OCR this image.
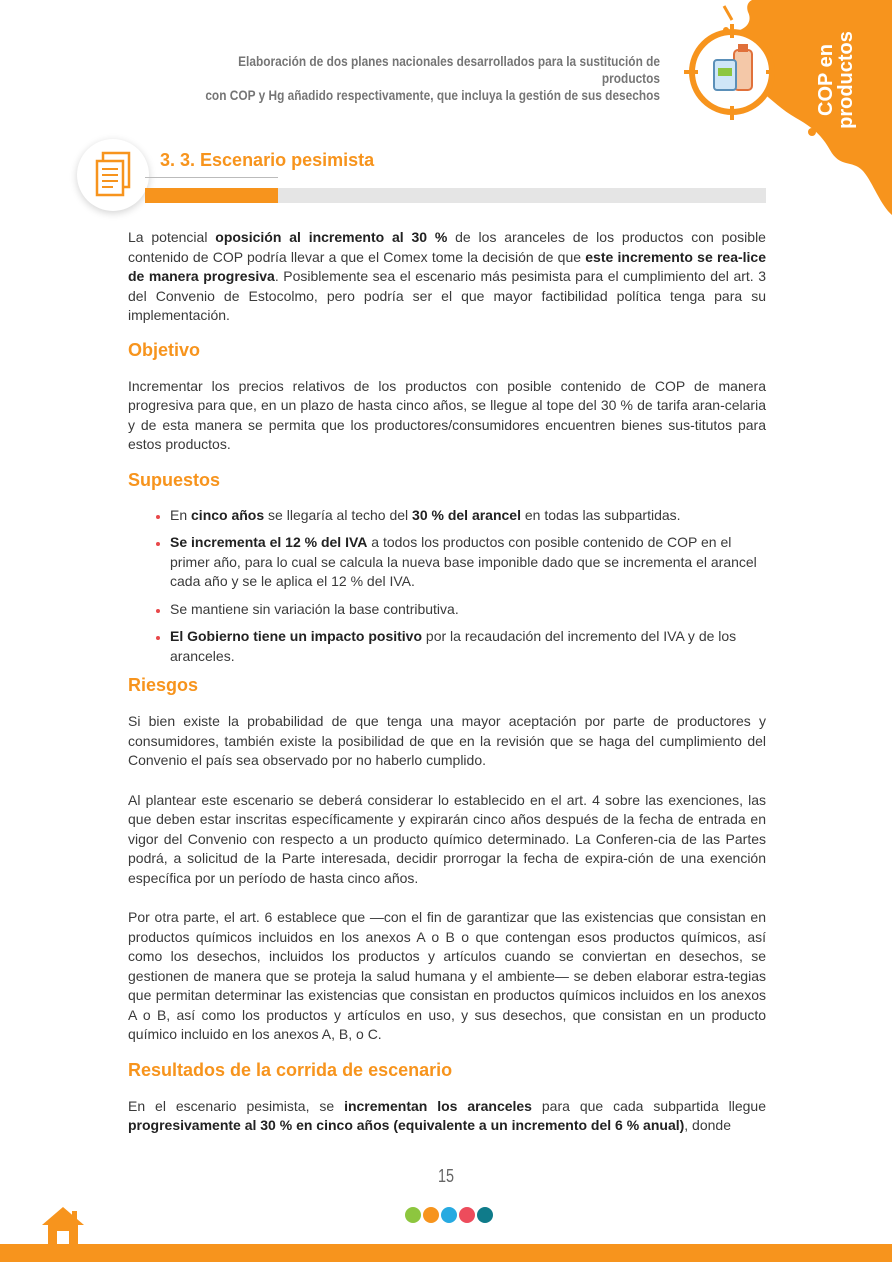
COP en
productos
Elaboración de dos planes nacionales desarrollados para la sustitución de productos
con COP y Hg añadido respectivamente, que incluya la gestión de sus desechos
3. 3. Escenario pesimista

La potencial oposición al incremento al 30 % de los aranceles de los productos con posible contenido de COP podría llevar a que el Comex tome la decisión de que este incremento se rea-lice de manera progresiva. Posiblemente sea el escenario más pesimista para el cumplimiento del art. 3 del Convenio de Estocolmo, pero podría ser el que mayor factibilidad política tenga para su implementación.

Objetivo

Incrementar los precios relativos de los productos con posible contenido de COP de manera progresiva para que, en un plazo de hasta cinco años, se llegue al tope del 30 % de tarifa aran-celaria y de esta manera se permita que los productores/consumidores encuentren bienes sus-titutos para estos productos.

Supuestos
En cinco años se llegaría al techo del 30 % del arancel en todas las subpartidas.
Se incrementa el 12 % del IVA a todos los productos con posible contenido de COP en el primer año, para lo cual se calcula la nueva base imponible dado que se incrementa el arancel cada año y se le aplica el 12 % del IVA.
Se mantiene sin variación la base contributiva.
El Gobierno tiene un impacto positivo por la recaudación del incremento del IVA y de los aranceles.
Riesgos

Si bien existe la probabilidad de que tenga una mayor aceptación por parte de productores y consumidores, también existe la posibilidad de que en la revisión que se haga del cumplimiento del Convenio el país sea observado por no haberlo cumplido.

Al plantear este escenario se deberá considerar lo establecido en el art. 4 sobre las exenciones, las que deben estar inscritas específicamente y expirarán cinco años después de la fecha de entrada en vigor del Convenio con respecto a un producto químico determinado. La Conferen-cia de las Partes podrá, a solicitud de la Parte interesada, decidir prorrogar la fecha de expira-ción de una exención específica por un período de hasta cinco años.

Por otra parte, el art. 6 establece que —con el fin de garantizar que las existencias que consistan en productos químicos incluidos en los anexos A o B o que contengan esos productos químicos, así como los desechos, incluidos los productos y artículos cuando se conviertan en desechos, se gestionen de manera que se proteja la salud humana y el ambiente— se deben elaborar estra-tegias que permitan determinar las existencias que consistan en productos químicos incluidos en los anexos A o B, así como los productos y artículos en uso, y sus desechos, que consistan en un producto químico incluido en los anexos A, B, o C.

Resultados de la corrida de escenario

En el escenario pesimista, se incrementan los aranceles para que cada subpartida llegue progresivamente al 30 % en cinco años (equivalente a un incremento del 6 % anual), donde

15
